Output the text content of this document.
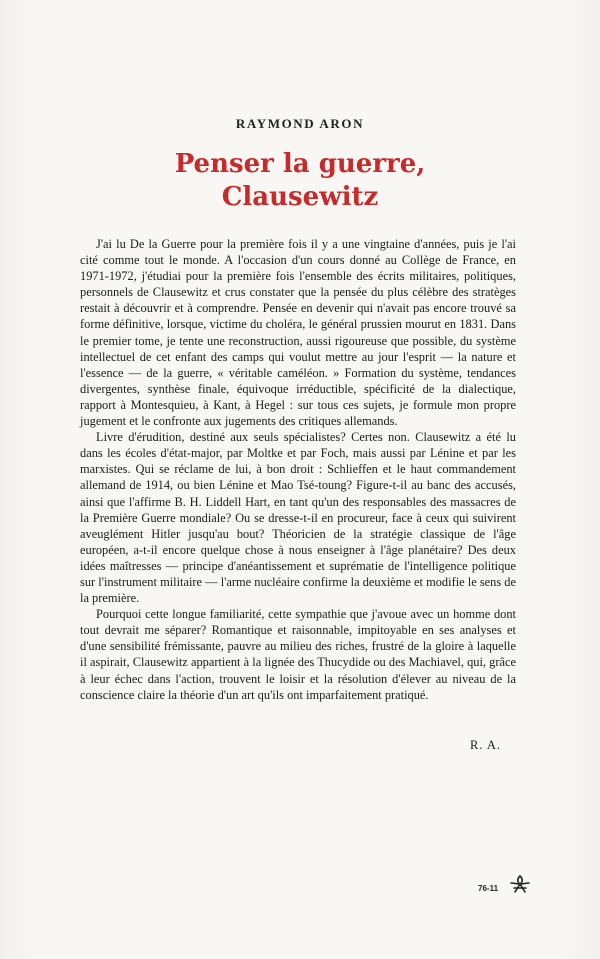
RAYMOND ARON
Penser la guerre,
Clausewitz

J'ai lu De la Guerre pour la première fois il y a une vingtaine d'années, puis je l'ai cité comme tout le monde. A l'occasion d'un cours donné au Collège de France, en 1971-1972, j'étudiai pour la première fois l'ensemble des écrits militaires, politiques, personnels de Clausewitz et crus constater que la pensée du plus célèbre des stratèges restait à découvrir et à comprendre. Pensée en devenir qui n'avait pas encore trouvé sa forme définitive, lorsque, victime du choléra, le général prussien mourut en 1831. Dans le premier tome, je tente une reconstruction, aussi rigoureuse que possible, du système intellectuel de cet enfant des camps qui voulut mettre au jour l'esprit — la nature et l'essence — de la guerre, « véritable caméléon. » Formation du système, tendances divergentes, synthèse finale, équivoque irréductible, spécificité de la dialectique, rapport à Montesquieu, à Kant, à Hegel : sur tous ces sujets, je formule mon propre jugement et le confronte aux jugements des critiques allemands.

Livre d'érudition, destiné aux seuls spécialistes? Certes non. Clausewitz a été lu dans les écoles d'état-major, par Moltke et par Foch, mais aussi par Lénine et par les marxistes. Qui se réclame de lui, à bon droit : Schlieffen et le haut commandement allemand de 1914, ou bien Lénine et Mao Tsé-toung? Figure-t-il au banc des accusés, ainsi que l'affirme B. H. Liddell Hart, en tant qu'un des responsables des massacres de la Première Guerre mondiale? Ou se dresse-t-il en procureur, face à ceux qui suivirent aveuglément Hitler jusqu'au bout? Théoricien de la stratégie classique de l'âge européen, a-t-il encore quelque chose à nous enseigner à l'âge planétaire? Des deux idées maîtresses — principe d'anéantissement et suprématie de l'intelligence politique sur l'instrument militaire — l'arme nucléaire confirme la deuxième et modifie le sens de la première.

Pourquoi cette longue familiarité, cette sympathie que j'avoue avec un homme dont tout devrait me séparer? Romantique et raisonnable, impitoyable en ses analyses et d'une sensibilité frémissante, pauvre au milieu des riches, frustré de la gloire à laquelle il aspirait, Clausewitz appartient à la lignée des Thucydide ou des Machiavel, qui, grâce à leur échec dans l'action, trouvent le loisir et la résolution d'élever au niveau de la conscience claire la théorie d'un art qu'ils ont imparfaitement pratiqué.

R. A.
76-11
